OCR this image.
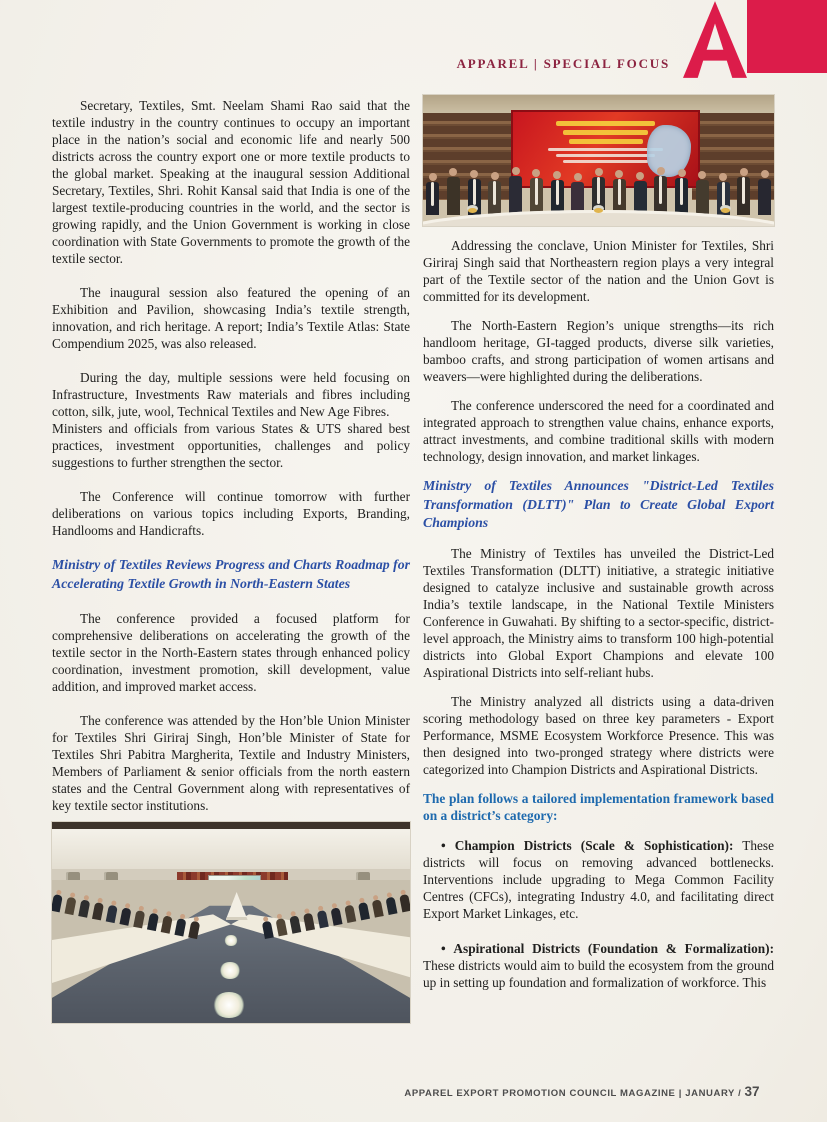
APPAREL | SPECIAL FOCUS

Secretary, Textiles, Smt. Neelam Shami Rao said that the textile industry in the country continues to occupy an important place in the nation’s social and economic life and nearly 500 districts across the country export one or more textile products to the global market. Speaking at the inaugural session Additional Secretary, Textiles, Shri. Rohit Kansal said that India is one of the largest textile-producing countries in the world, and the sector is growing rapidly, and the Union Government is working in close coordination with State Governments to promote the growth of the textile sector.

The inaugural session also featured the opening of an Exhibition and Pavilion, showcasing India’s textile strength, innovation, and rich heritage. A report; India’s Textile Atlas: State Compendium 2025, was also released.

During the day, multiple sessions were held focusing on Infrastructure, Investments Raw materials and fibres including cotton, silk, jute, wool, Technical Textiles and New Age Fibres.

Ministers and officials from various States & UTS shared best practices, investment opportunities, challenges and policy suggestions to further strengthen the sector.

The Conference will continue tomorrow with further deliberations on various topics including Exports, Branding, Handlooms and Handicrafts.

Ministry of Textiles Reviews Progress and Charts Roadmap for Accelerating Textile Growth in North-Eastern States

The conference provided a focused platform for comprehensive deliberations on accelerating the growth of the textile sector in the North-Eastern states through enhanced policy coordination, investment promotion, skill development, value addition, and improved market access.

The conference was attended by the Hon’ble Union Minister for Textiles Shri Giriraj Singh, Hon’ble Minister of State for Textiles Shri Pabitra Margherita, Textile and Industry Ministers, Members of Parliament & senior officials from the north eastern states and the Central Government along with representatives of key textile sector institutions.

Addressing the conclave, Union Minister for Textiles, Shri Giriraj Singh said that Northeastern region plays a very integral part of the Textile sector of the nation and the Union Govt is committed for its development.

The North-Eastern Region’s unique strengths—its rich handloom heritage, GI-tagged products, diverse silk varieties, bamboo crafts, and strong participation of women artisans and weavers—were highlighted during the deliberations.

The conference underscored the need for a coordinated and integrated approach to strengthen value chains, enhance exports, attract investments, and combine traditional skills with modern technology, design innovation, and market linkages.

Ministry of Textiles Announces "District-Led Textiles Transformation (DLTT)" Plan to Create Global Export Champions

The Ministry of Textiles has unveiled the District-Led Textiles Transformation (DLTT) initiative, a strategic initiative designed to catalyze inclusive and sustainable growth across India’s textile landscape, in the National Textile Ministers Conference in Guwahati. By shifting to a sector-specific, district-level approach, the Ministry aims to transform 100 high-potential districts into Global Export Champions and elevate 100 Aspirational Districts into self-reliant hubs.

The Ministry analyzed all districts using a data-driven scoring methodology based on three key parameters - Export Performance, MSME Ecosystem Workforce Presence. This was then designed into two-pronged strategy where districts were categorized into Champion Districts and Aspirational Districts.

The plan follows a tailored implementation framework based on a district’s category:

• Champion Districts (Scale & Sophistication): These districts will focus on removing advanced bottlenecks. Interventions include upgrading to Mega Common Facility Centres (CFCs), integrating Industry 4.0, and facilitating direct Export Market Linkages, etc.

• Aspirational Districts (Foundation & Formalization): These districts would aim to build the ecosystem from the ground up in setting up foundation and formalization of workforce. This

APPAREL EXPORT PROMOTION COUNCIL MAGAZINE | JANUARY / 37
